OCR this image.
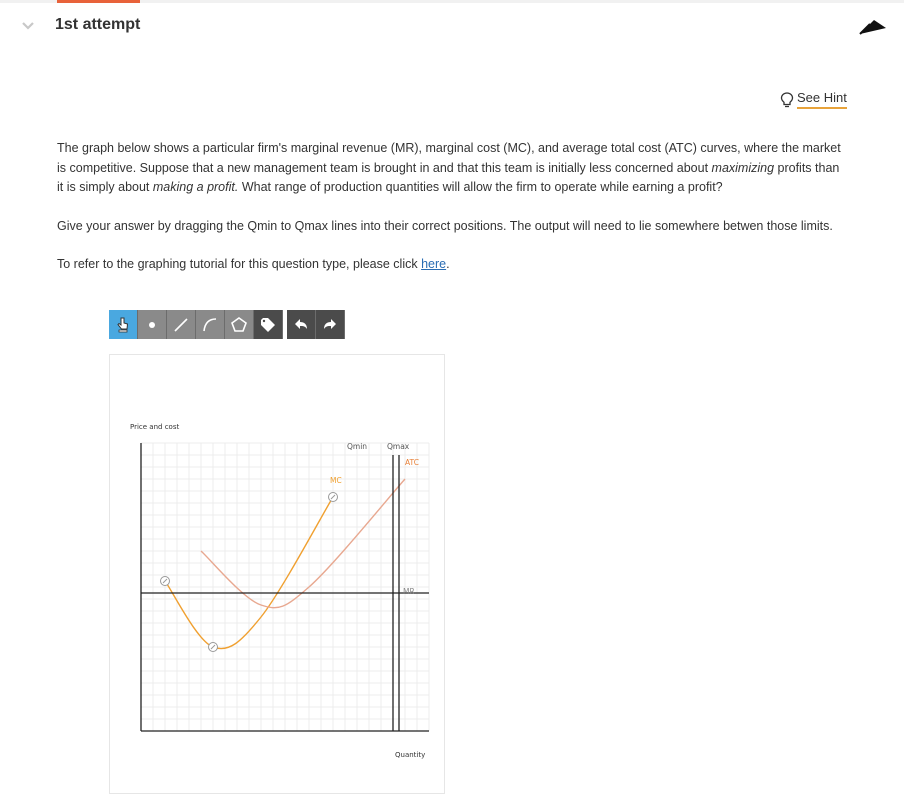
1st attempt
See Hint

The graph below shows a particular firm's marginal revenue (MR), marginal cost (MC), and average total cost (ATC) curves, where the market is competitive. Suppose that a new management team is brought in and that this team is initially less concerned about maximizing profits than it is simply about making a profit. What range of production quantities will allow the firm to operate while earning a profit?

Give your answer by dragging the Qmin to Qmax lines into their correct positions. The output will need to lie somewhere betwen those limits.

To refer to the graphing tutorial for this question type, please click here.

Price and cost
Quantity
MC
ATC
MR
Qmin	Qmax
